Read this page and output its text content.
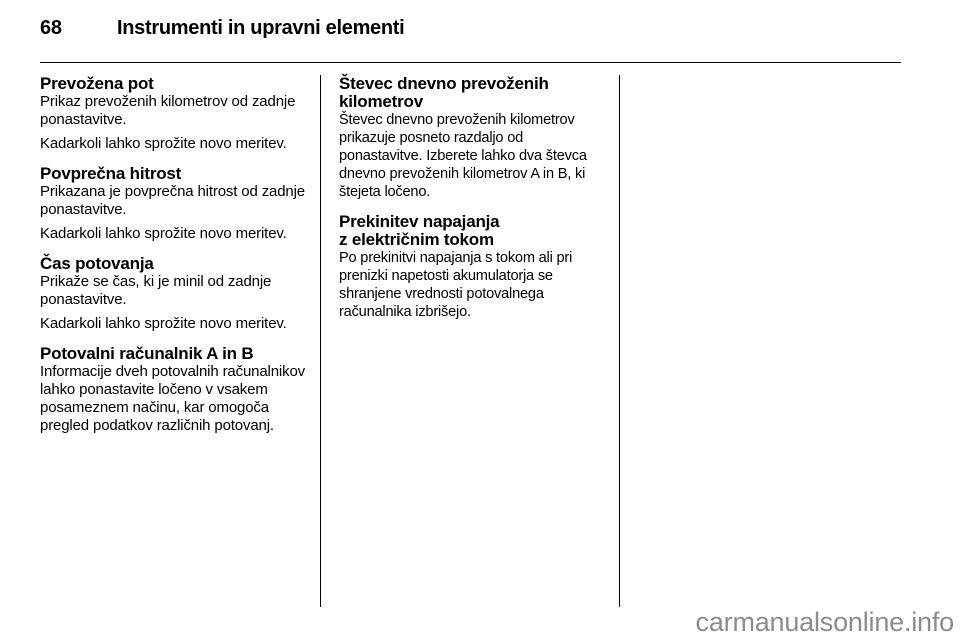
68	Instrumenti in upravni elementi
Prevožena pot

Prikaz prevoženih kilometrov od zadnje ponastavitve.

Kadarkoli lahko sprožite novo meritev.

Povprečna hitrost

Prikazana je povprečna hitrost od zadnje ponastavitve.

Kadarkoli lahko sprožite novo meritev.

Čas potovanja

Prikaže se čas, ki je minil od zadnje ponastavitve.

Kadarkoli lahko sprožite novo meritev.

Potovalni računalnik A in B

Informacije dveh potovalnih računalnikov lahko ponastavite ločeno v vsakem posameznem načinu, kar omogoča pregled podatkov različnih potovanj.

Števec dnevno prevoženih
kilometrov

Števec dnevno prevoženih kilometrov prikazuje posneto razdaljo od ponastavitve. Izberete lahko dva števca dnevno prevoženih kilometrov A in B, ki štejeta ločeno.

Prekinitev napajanja
z električnim tokom

Po prekinitvi napajanja s tokom ali pri prenizki napetosti akumulatorja se shranjene vrednosti potovalnega računalnika izbrišejo.

carmanualsonline.info
